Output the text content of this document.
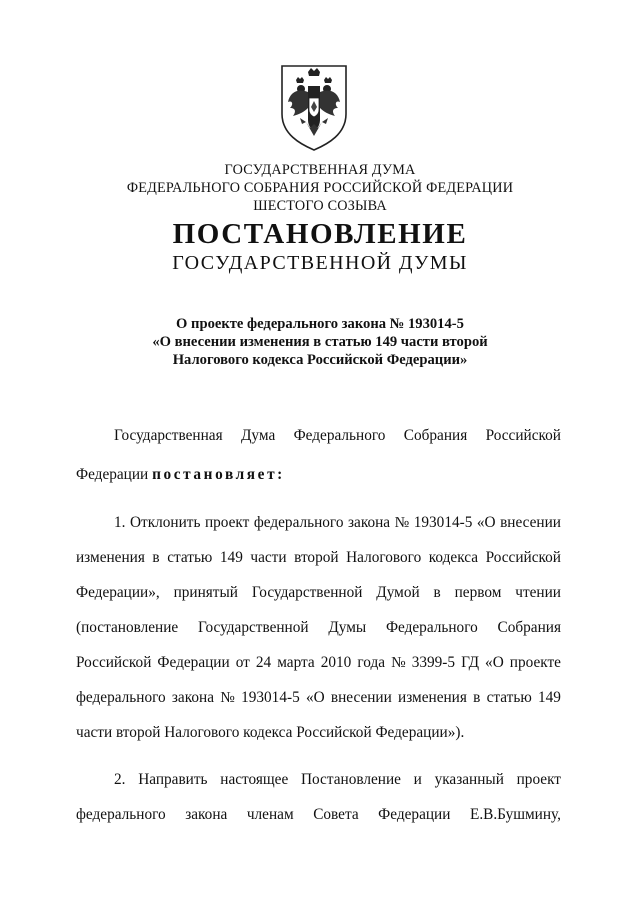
ГОСУДАРСТВЕННАЯ ДУМА
ФЕДЕРАЛЬНОГО СОБРАНИЯ РОССИЙСКОЙ ФЕДЕРАЦИИ
ШЕСТОГО СОЗЫВА
ПОСТАНОВЛЕНИЕ
ГОСУДАРСТВЕННОЙ ДУМЫ
О проекте федерального закона № 193014-5
«О внесении изменения в статью 149 части второй
Налогового кодекса Российской Федерации»
Государственная Дума Федерального Собрания Российской
Федерации постановляет:
1. Отклонить проект федерального закона № 193014-5 «О внесении
изменения в статью 149 части второй Налогового кодекса Российской
Федерации», принятый Государственной Думой в первом чтении
(постановление Государственной Думы Федерального Собрания
Российской Федерации от 24 марта 2010 года № 3399-5 ГД «О проекте
федерального закона № 193014-5 «О внесении изменения в статью 149
части второй Налогового кодекса Российской Федерации»).
2. Направить настоящее Постановление и указанный проект
федерального закона членам Совета Федерации Е.В.Бушмину,
